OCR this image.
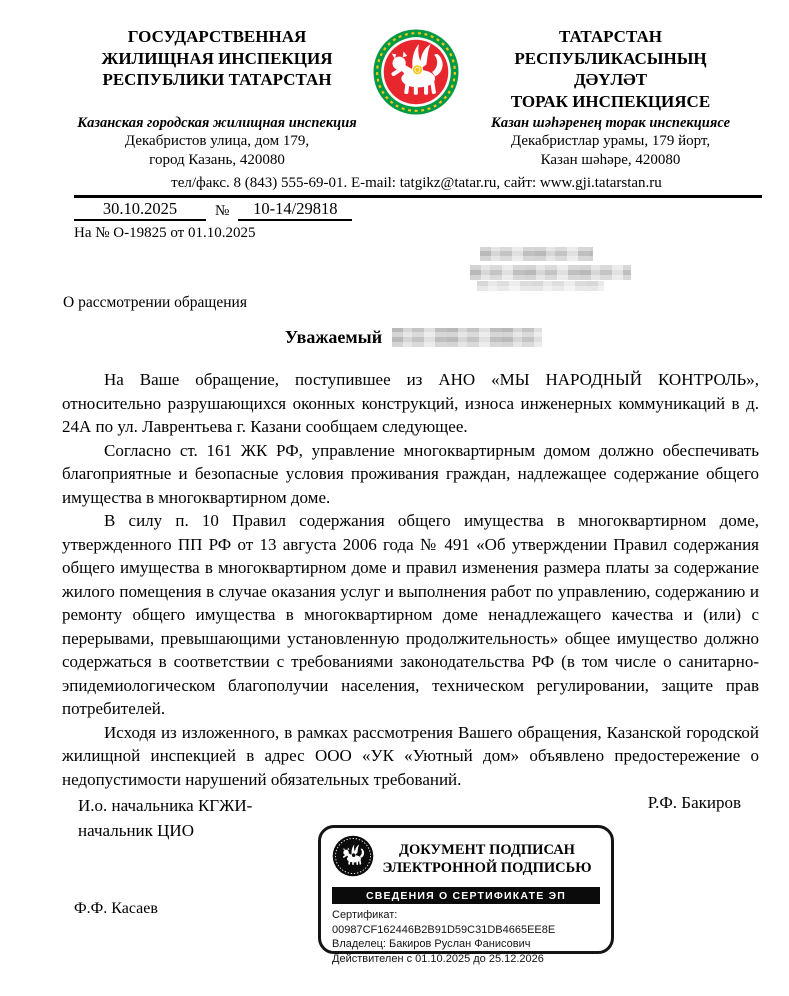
ГОСУДАРСТВЕННАЯ
ЖИЛИЩНАЯ ИНСПЕКЦИЯ
РЕСПУБЛИКИ ТАТАРСТАН
Казанская городская жилищная инспекция
Декабристов улица, дом 179,
город Казань, 420080
ТАТАРСТАН
РЕСПУБЛИКАСЫНЫҢ
ДӘҮЛӘТ
ТОРАК ИНСПЕКЦИЯСЕ
Казан шәһәренең торак инспекциясе
Декабристлар урамы, 179 йорт,
Казан шәһәре, 420080
тел/факс. 8 (843) 555-69-01. E-mail: tatgikz@tatar.ru, сайт: www.gji.tatarstan.ru
30.10.2025	№	10-14/29818
На № О-19825 от 01.10.2025
О рассмотрении обращения
Уважаемый

На Ваше обращение, поступившее из АНО «МЫ НАРОДНЫЙ КОНТРОЛЬ», относительно разрушающихся оконных конструкций, износа инженерных коммуникаций в д. 24А по ул. Лаврентьева г. Казани сообщаем следующее.

Согласно ст. 161 ЖК РФ, управление многоквартирным домом должно обеспечивать благоприятные и безопасные условия проживания граждан, надлежащее содержание общего имущества в многоквартирном доме.

В силу п. 10 Правил содержания общего имущества в многоквартирном доме, утвержденного ПП РФ от 13 августа 2006 года № 491 «Об утверждении Правил содержания общего имущества в многоквартирном доме и правил изменения размера платы за содержание жилого помещения в случае оказания услуг и выполнения работ по управлению, содержанию и ремонту общего имущества в многоквартирном доме ненадлежащего качества и (или) с перерывами, превышающими установленную продолжительность» общее имущество должно содержаться в соответствии с требованиями законодательства РФ (в том числе о санитарно-эпидемиологическом благополучии населения, техническом регулировании, защите прав потребителей.

Исходя из изложенного, в рамках рассмотрения Вашего обращения, Казанской городской жилищной инспекцией в адрес ООО «УК «Уютный дом» объявлено предостережение о недопустимости нарушений обязательных требований.

И.о. начальника КГЖИ-
начальник ЦИО
Р.Ф. Бакиров
ДОКУМЕНТ ПОДПИСАН
ЭЛЕКТРОННОЙ ПОДПИСЬЮ
СВЕДЕНИЯ О СЕРТИФИКАТЕ ЭП
Сертификат: 00987CF162446B2B91D59C31DB4665EE8E
Владелец: Бакиров Руслан Фанисович
Действителен с 01.10.2025 до 25.12.2026
Ф.Ф. Касаев
